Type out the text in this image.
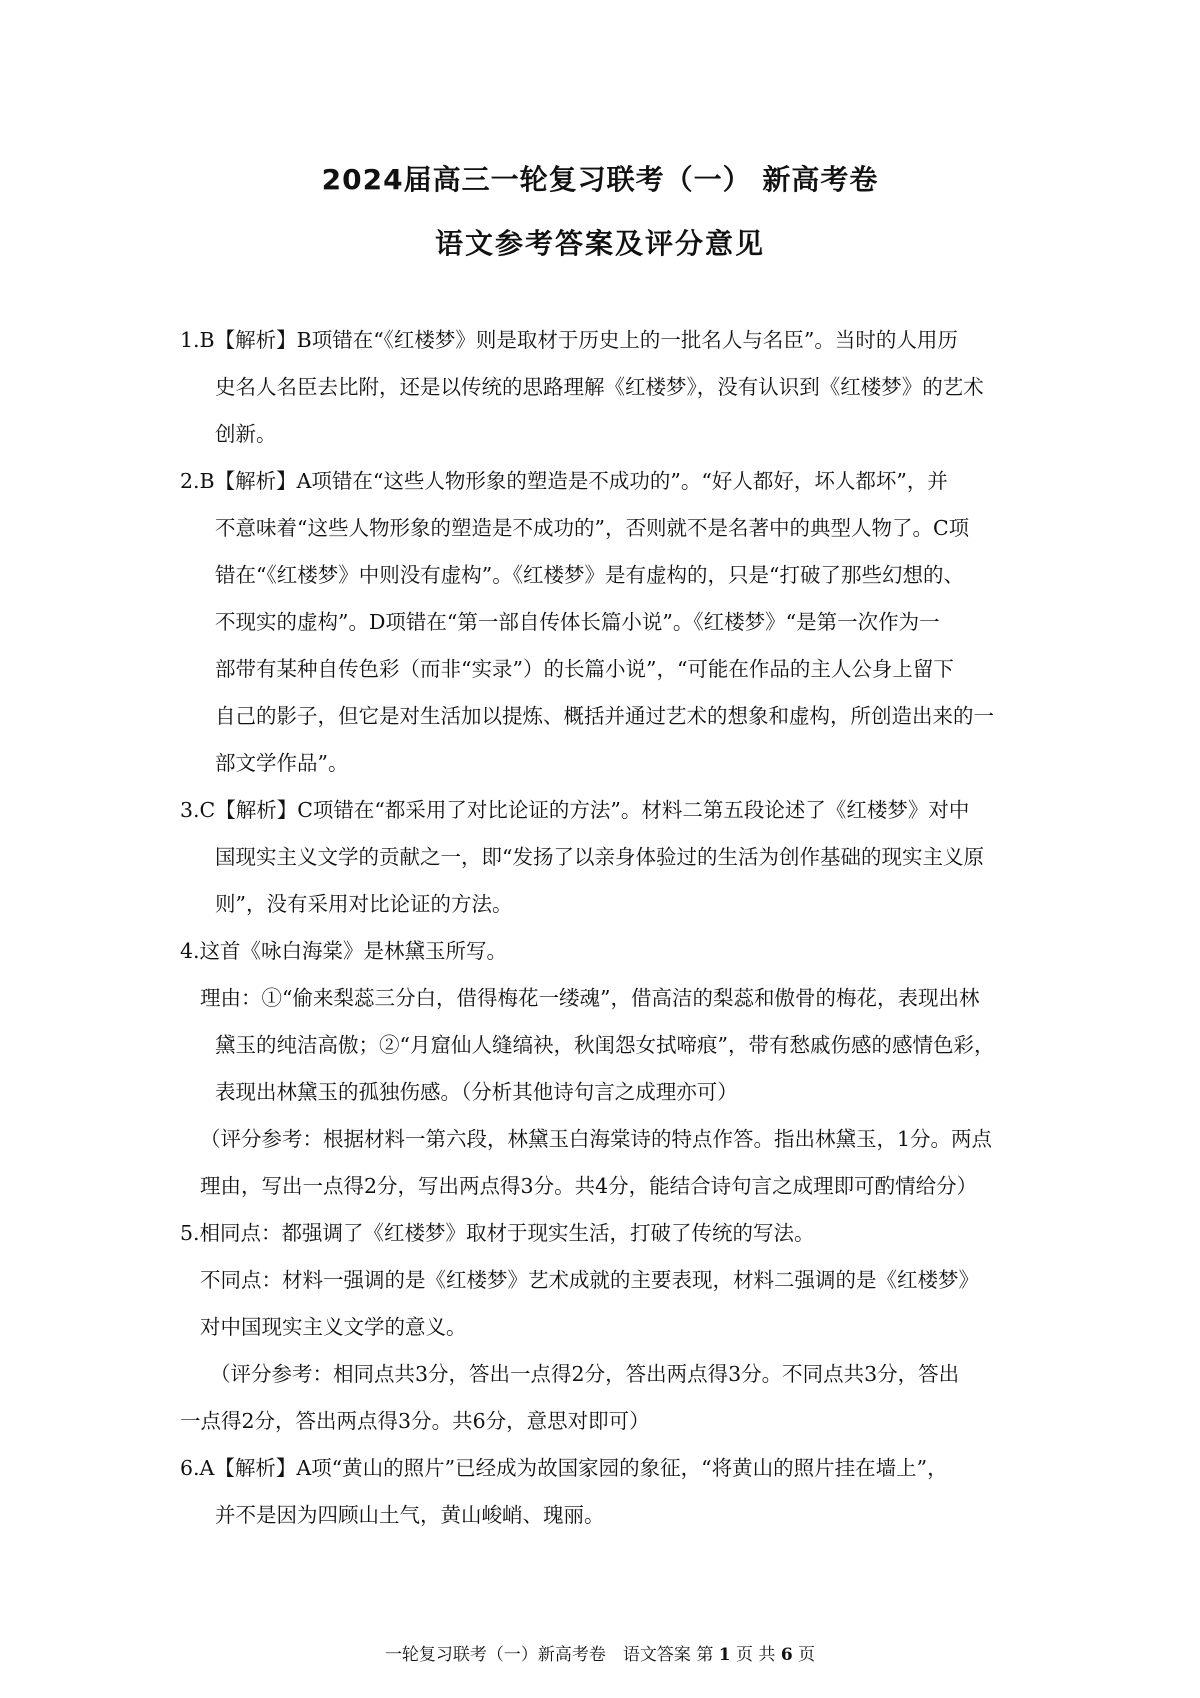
2024届高三一轮复习联考（一） 新高考卷
语文参考答案及评分意见
1.B【解析】B项错在“《红楼梦》则是取材于历史上的一批名人与名臣”。当时的人用历
史名人名臣去比附，还是以传统的思路理解《红楼梦》，没有认识到《红楼梦》的艺术
创新。
2.B【解析】A项错在“这些人物形象的塑造是不成功的”。“好人都好，坏人都坏”，并
不意味着“这些人物形象的塑造是不成功的”，否则就不是名著中的典型人物了。C项
错在“《红楼梦》中则没有虚构”。《红楼梦》是有虚构的，只是“打破了那些幻想的、
不现实的虚构”。D项错在“第一部自传体长篇小说”。《红楼梦》“是第一次作为一
部带有某种自传色彩（而非“实录”）的长篇小说”，“可能在作品的主人公身上留下
自己的影子，但它是对生活加以提炼、概括并通过艺术的想象和虚构，所创造出来的一
部文学作品”。
3.C【解析】C项错在“都采用了对比论证的方法”。材料二第五段论述了《红楼梦》对中
国现实主义文学的贡献之一，即“发扬了以亲身体验过的生活为创作基础的现实主义原
则”，没有采用对比论证的方法。
4.这首《咏白海棠》是林黛玉所写。
理由：①“偷来梨蕊三分白，借得梅花一缕魂”，借高洁的梨蕊和傲骨的梅花，表现出林
黛玉的纯洁高傲；②“月窟仙人缝缟袂，秋闺怨女拭啼痕”，带有愁戚伤感的感情色彩，
表现出林黛玉的孤独伤感。（分析其他诗句言之成理亦可）
（评分参考：根据材料一第六段，林黛玉白海棠诗的特点作答。指出林黛玉，1分。两点
理由，写出一点得2分，写出两点得3分。共4分，能结合诗句言之成理即可酌情给分）
5.相同点：都强调了《红楼梦》取材于现实生活，打破了传统的写法。
不同点：材料一强调的是《红楼梦》艺术成就的主要表现，材料二强调的是《红楼梦》
对中国现实主义文学的意义。
（评分参考：相同点共3分，答出一点得2分，答出两点得3分。不同点共3分，答出
一点得2分，答出两点得3分。共6分，意思对即可）
6.A【解析】A项“黄山的照片”已经成为故国家园的象征，“将黄山的照片挂在墙上”，
并不是因为四顾山土气，黄山峻峭、瑰丽。
一轮复习联考（一）新高考卷　语文答案 第 1 页 共 6 页
